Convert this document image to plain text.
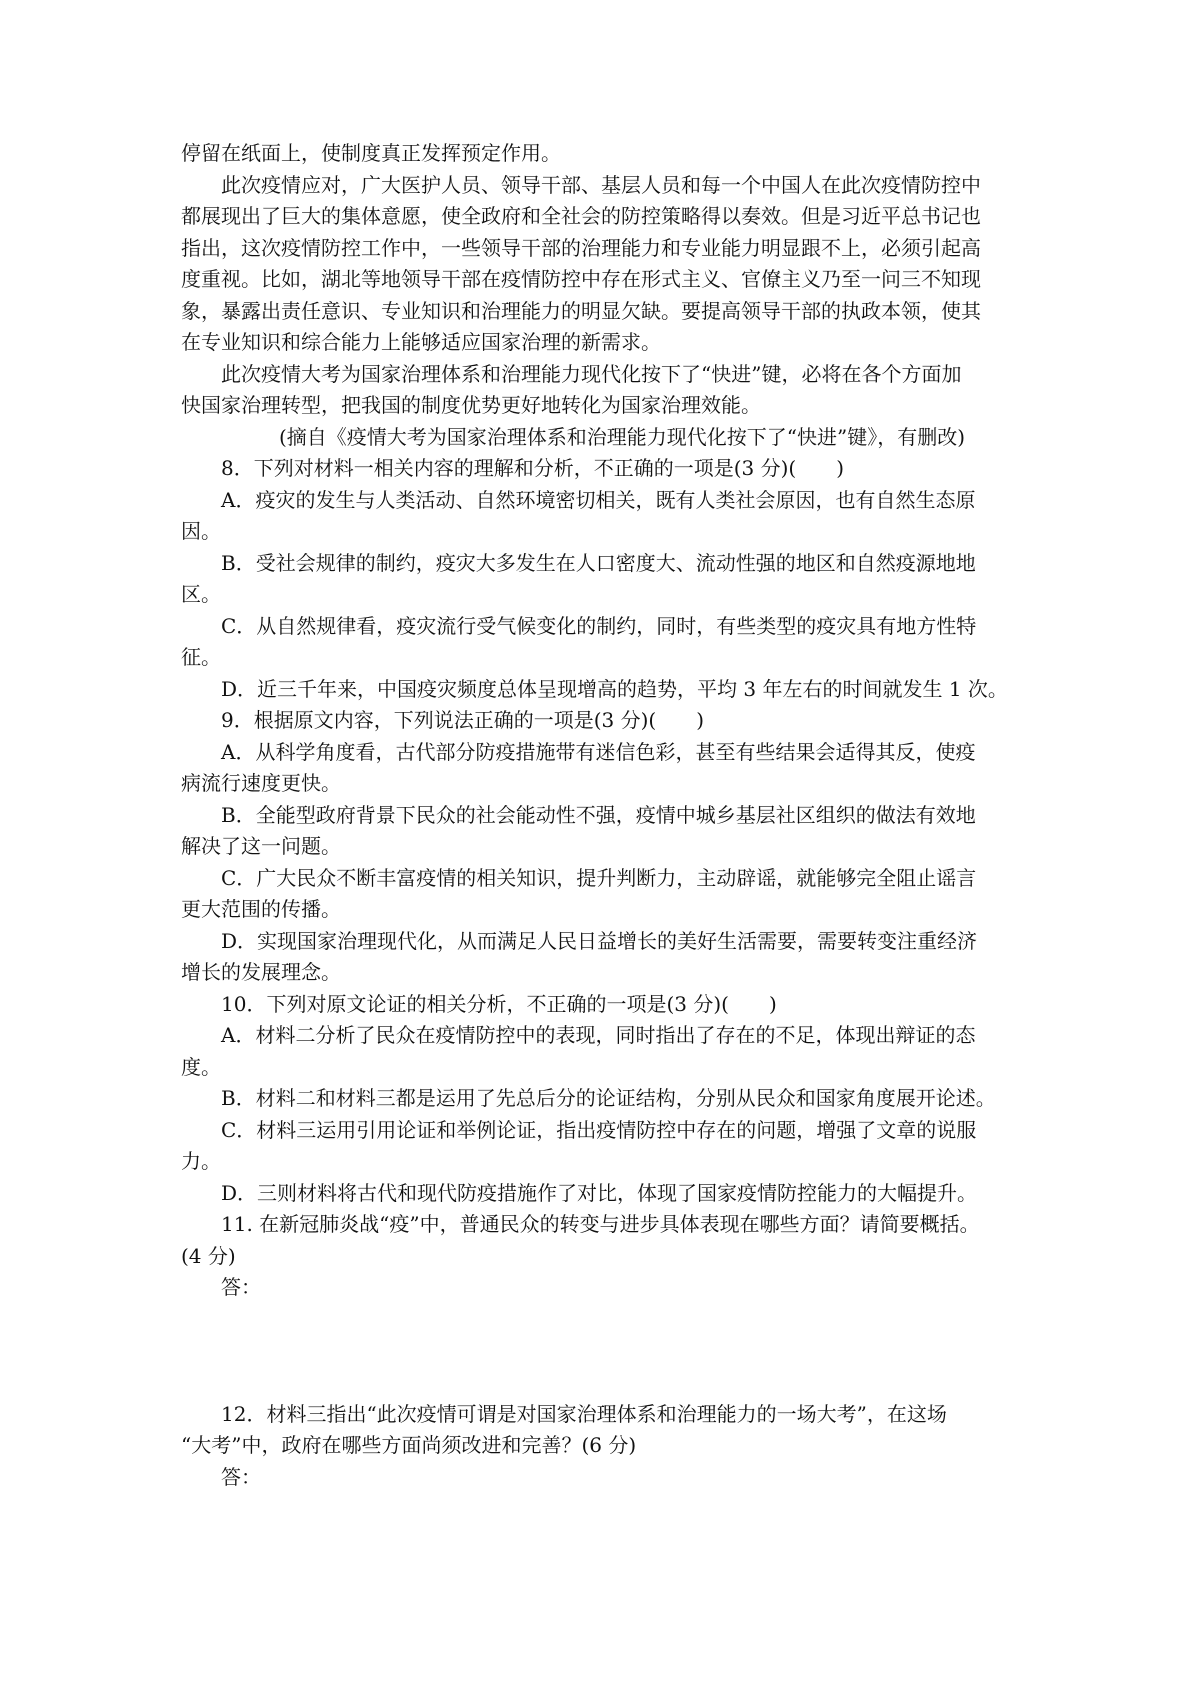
停留在纸面上，使制度真正发挥预定作用。

此次疫情应对，广大医护人员、领导干部、基层人员和每一个中国人在此次疫情防控中

都展现出了巨大的集体意愿，使全政府和全社会的防控策略得以奏效。但是习近平总书记也

指出，这次疫情防控工作中，一些领导干部的治理能力和专业能力明显跟不上，必须引起高

度重视。比如，湖北等地领导干部在疫情防控中存在形式主义、官僚主义乃至一问三不知现

象，暴露出责任意识、专业知识和治理能力的明显欠缺。要提高领导干部的执政本领，使其

在专业知识和综合能力上能够适应国家治理的新需求。

此次疫情大考为国家治理体系和治理能力现代化按下了“快进”键，必将在各个方面加

快国家治理转型，把我国的制度优势更好地转化为国家治理效能。

(摘自《疫情大考为国家治理体系和治理能力现代化按下了“快进”键》，有删改)

8．下列对材料一相关内容的理解和分析，不正确的一项是(3 分)(　　)

A．疫灾的发生与人类活动、自然环境密切相关，既有人类社会原因，也有自然生态原

因。

B．受社会规律的制约，疫灾大多发生在人口密度大、流动性强的地区和自然疫源地地

区。

C．从自然规律看，疫灾流行受气候变化的制约，同时，有些类型的疫灾具有地方性特

征。

D．近三千年来，中国疫灾频度总体呈现增高的趋势，平均 3 年左右的时间就发生 1 次。

9．根据原文内容，下列说法正确的一项是(3 分)(　　)

A．从科学角度看，古代部分防疫措施带有迷信色彩，甚至有些结果会适得其反，使疫

病流行速度更快。

B．全能型政府背景下民众的社会能动性不强，疫情中城乡基层社区组织的做法有效地

解决了这一问题。

C．广大民众不断丰富疫情的相关知识，提升判断力，主动辟谣，就能够完全阻止谣言

更大范围的传播。

D．实现国家治理现代化，从而满足人民日益增长的美好生活需要，需要转变注重经济

增长的发展理念。

10．下列对原文论证的相关分析，不正确的一项是(3 分)(　　)

A．材料二分析了民众在疫情防控中的表现，同时指出了存在的不足，体现出辩证的态

度。

B．材料二和材料三都是运用了先总后分的论证结构，分别从民众和国家角度展开论述。

C．材料三运用引用论证和举例论证，指出疫情防控中存在的问题，增强了文章的说服

力。

D．三则材料将古代和现代防疫措施作了对比，体现了国家疫情防控能力的大幅提升。

11. 在新冠肺炎战“疫”中，普通民众的转变与进步具体表现在哪些方面？请简要概括。

(4 分)

答：

12．材料三指出“此次疫情可谓是对国家治理体系和治理能力的一场大考”，在这场

“大考”中，政府在哪些方面尚须改进和完善？(6 分)

答：
